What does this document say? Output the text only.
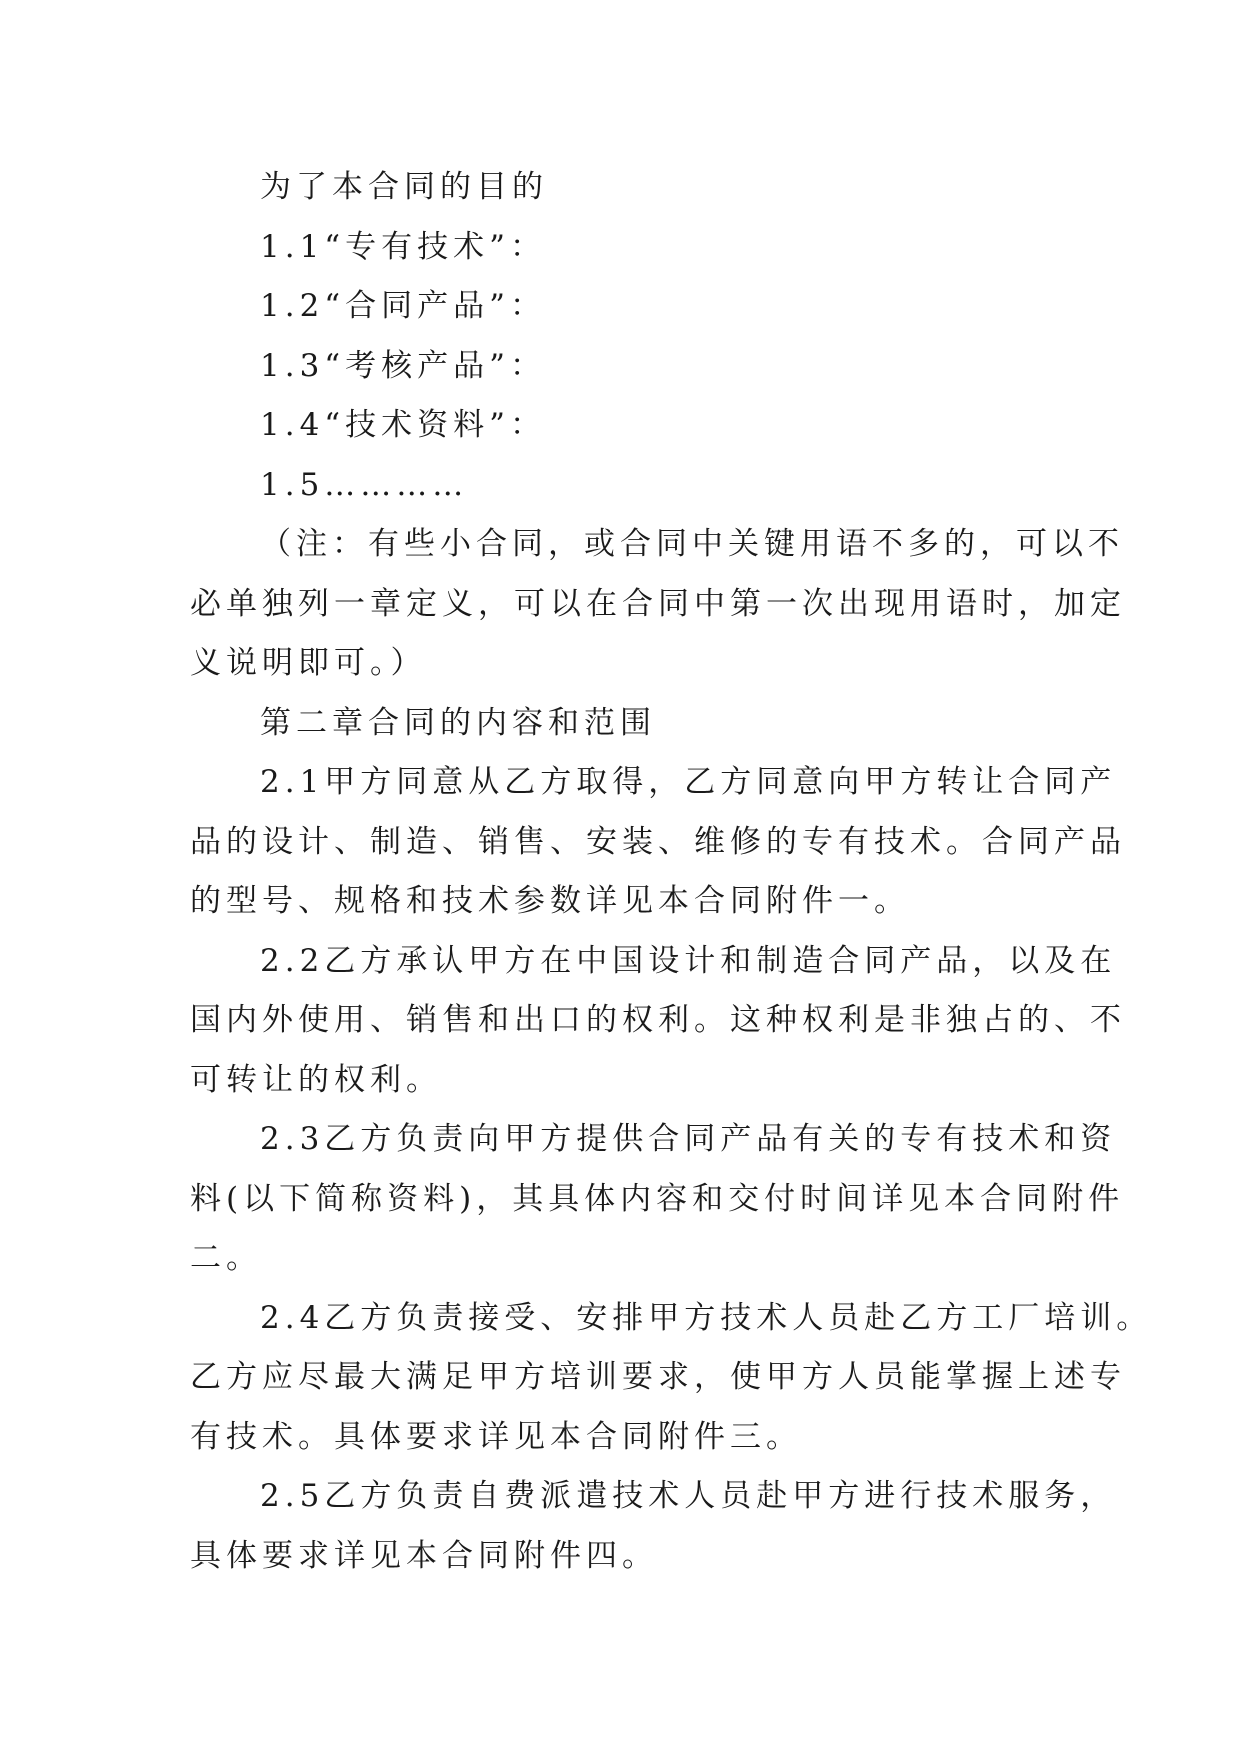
为了本合同的目的

1.1“专有技术”：

1.2“合同产品”：

1.3“考核产品”：

1.4“技术资料”：

1.5…………

（注：有些小合同，或合同中关键用语不多的，可以不

必单独列一章定义，可以在合同中第一次出现用语时，加定

义说明即可。）

第二章合同的内容和范围

2.1甲方同意从乙方取得，乙方同意向甲方转让合同产

品的设计、制造、销售、安装、维修的专有技术。合同产品

的型号、规格和技术参数详见本合同附件一。

2.2乙方承认甲方在中国设计和制造合同产品，以及在

国内外使用、销售和出口的权利。这种权利是非独占的、不

可转让的权利。

2.3乙方负责向甲方提供合同产品有关的专有技术和资

料(以下简称资料)，其具体内容和交付时间详见本合同附件

二。

2.4乙方负责接受、安排甲方技术人员赴乙方工厂培训。

乙方应尽最大满足甲方培训要求，使甲方人员能掌握上述专

有技术。具体要求详见本合同附件三。

2.5乙方负责自费派遣技术人员赴甲方进行技术服务，

具体要求详见本合同附件四。
